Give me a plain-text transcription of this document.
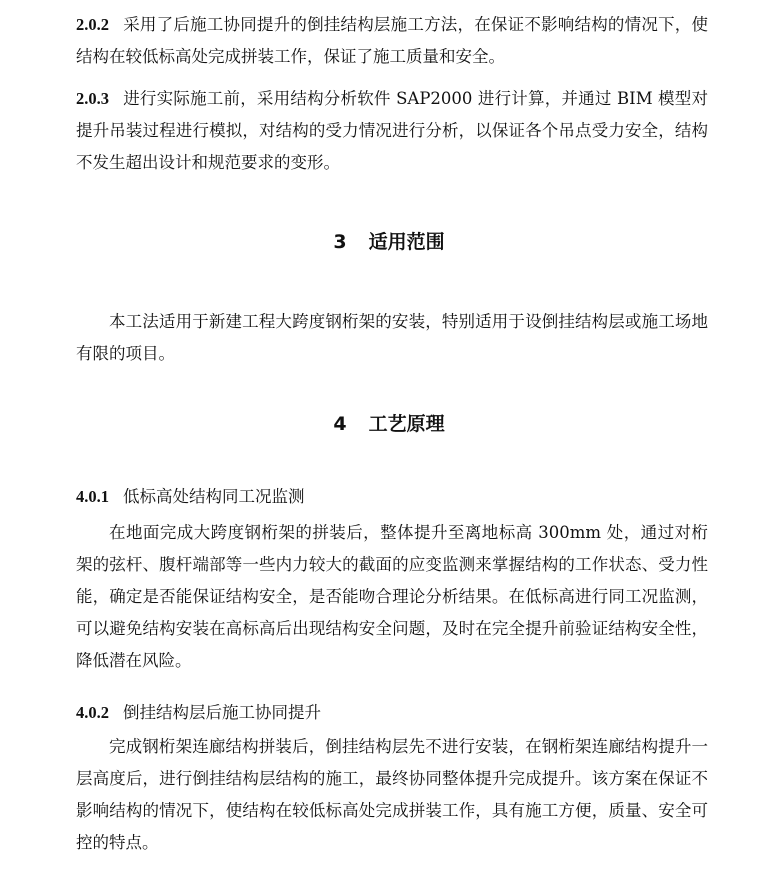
2.0.2 采用了后施工协同提升的倒挂结构层施工方法，在保证不影响结构的情况下，使结构在较低标高处完成拼装工作，保证了施工质量和安全。

2.0.3 进行实际施工前，采用结构分析软件 SAP2000 进行计算，并通过 BIM 模型对提升吊装过程进行模拟，对结构的受力情况进行分析，以保证各个吊点受力安全，结构不发生超出设计和规范要求的变形。

3 适用范围

本工法适用于新建工程大跨度钢桁架的安装，特别适用于设倒挂结构层或施工场地有限的项目。

4 工艺原理

4.0.1 低标高处结构同工况监测

在地面完成大跨度钢桁架的拼装后，整体提升至离地标高 300mm 处，通过对桁架的弦杆、腹杆端部等一些内力较大的截面的应变监测来掌握结构的工作状态、受力性能，确定是否能保证结构安全，是否能吻合理论分析结果。在低标高进行同工况监测，可以避免结构安装在高标高后出现结构安全问题，及时在完全提升前验证结构安全性，降低潜在风险。

4.0.2 倒挂结构层后施工协同提升

完成钢桁架连廊结构拼装后，倒挂结构层先不进行安装，在钢桁架连廊结构提升一层高度后，进行倒挂结构层结构的施工，最终协同整体提升完成提升。该方案在保证不影响结构的情况下，使结构在较低标高处完成拼装工作，具有施工方便，质量、安全可控的特点。
